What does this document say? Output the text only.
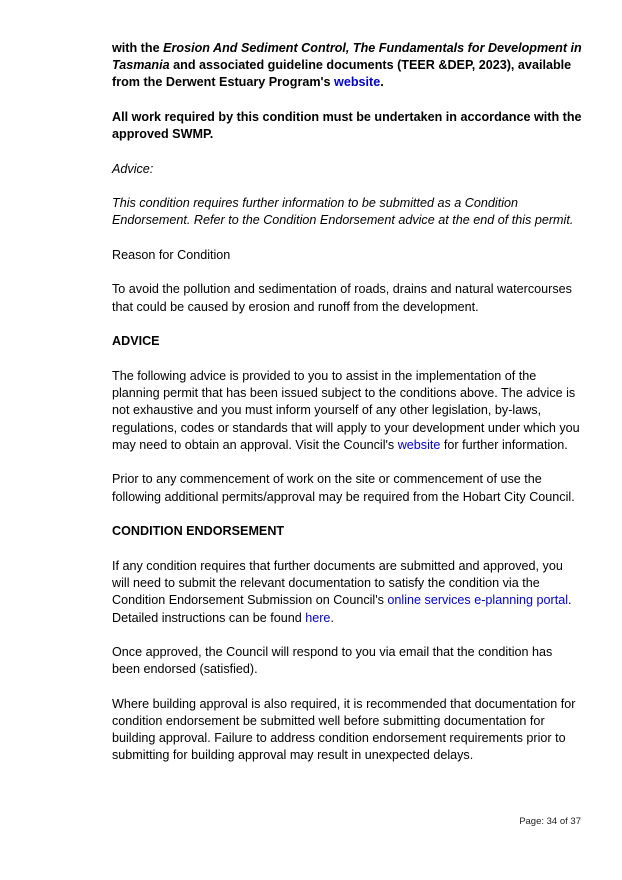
with the Erosion And Sediment Control, The Fundamentals for Development in Tasmania and associated guideline documents (TEER &DEP, 2023), available from the Derwent Estuary Program's website.

All work required by this condition must be undertaken in accordance with the approved SWMP.

Advice:

This condition requires further information to be submitted as a Condition Endorsement. Refer to the Condition Endorsement advice at the end of this permit.

Reason for Condition

To avoid the pollution and sedimentation of roads, drains and natural watercourses that could be caused by erosion and runoff from the development.

ADVICE

The following advice is provided to you to assist in the implementation of the planning permit that has been issued subject to the conditions above. The advice is not exhaustive and you must inform yourself of any other legislation, by-laws, regulations, codes or standards that will apply to your development under which you may need to obtain an approval. Visit the Council's website for further information.

Prior to any commencement of work on the site or commencement of use the following additional permits/approval may be required from the Hobart City Council.

CONDITION ENDORSEMENT

If any condition requires that further documents are submitted and approved, you will need to submit the relevant documentation to satisfy the condition via the Condition Endorsement Submission on Council's online services e-planning portal. Detailed instructions can be found here.

Once approved, the Council will respond to you via email that the condition has been endorsed (satisfied).

Where building approval is also required, it is recommended that documentation for condition endorsement be submitted well before submitting documentation for building approval. Failure to address condition endorsement requirements prior to submitting for building approval may result in unexpected delays.

Page: 34 of 37
